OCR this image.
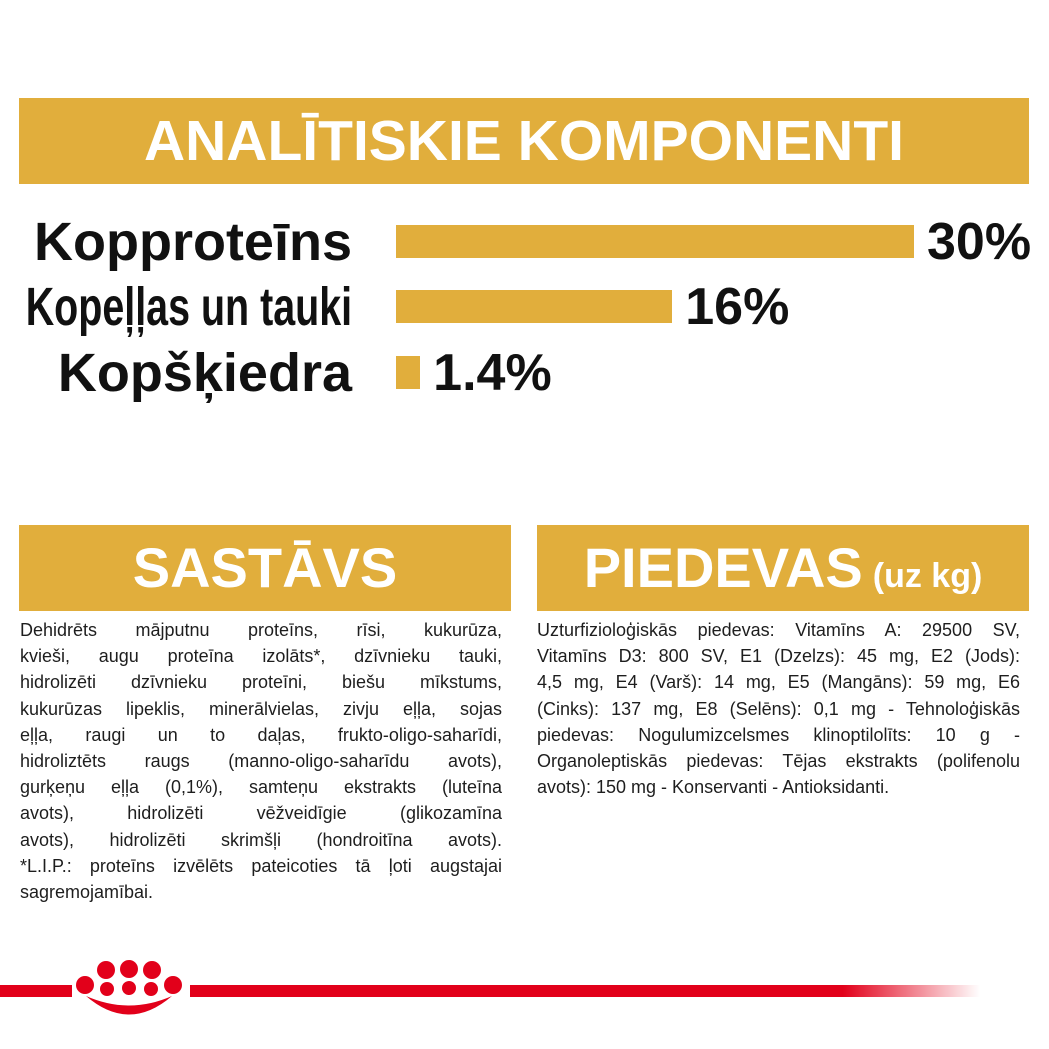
ANALĪTISKIE KOMPONENTI
Kopproteīns	30%
Kopeļļas un tauki	16%
Kopšķiedra 1.4%
SASTĀVS
Dehidrēts mājputnu proteīns, rīsi, kukurūza,
kvieši, augu proteīna izolāts*, dzīvnieku tauki,
hidrolizēti dzīvnieku proteīni, biešu mīkstums,
kukurūzas lipeklis, minerālvielas, zivju eļļa, sojas
eļļa, raugi un to daļas, frukto-oligo-saharīdi,
hidroliztēts raugs (manno-oligo-saharīdu avots),
gurķeņu eļļa (0,1%), samteņu ekstrakts (luteīna
avots), hidrolizēti vēžveidīgie (glikozamīna
avots), hidrolizēti skrimšļi (hondroitīna avots).
*L.I.P.: proteīns izvēlēts pateicoties tā ļoti augstajai
sagremojamībai.
PIEDEVAS (uz kg)
Uzturfizioloģiskās piedevas: Vitamīns A: 29500 SV,
Vitamīns D3: 800 SV, E1 (Dzelzs): 45 mg, E2 (Jods):
4,5 mg, E4 (Varš): 14 mg, E5 (Mangāns): 59 mg, E6
(Cinks): 137 mg, E8 (Selēns): 0,1 mg - Tehnoloģiskās
piedevas: Nogulumizcelsmes klinoptilolīts: 10 g -
Organoleptiskās piedevas: Tējas ekstrakts (polifenolu
avots): 150 mg - Konservanti - Antioksidanti.
